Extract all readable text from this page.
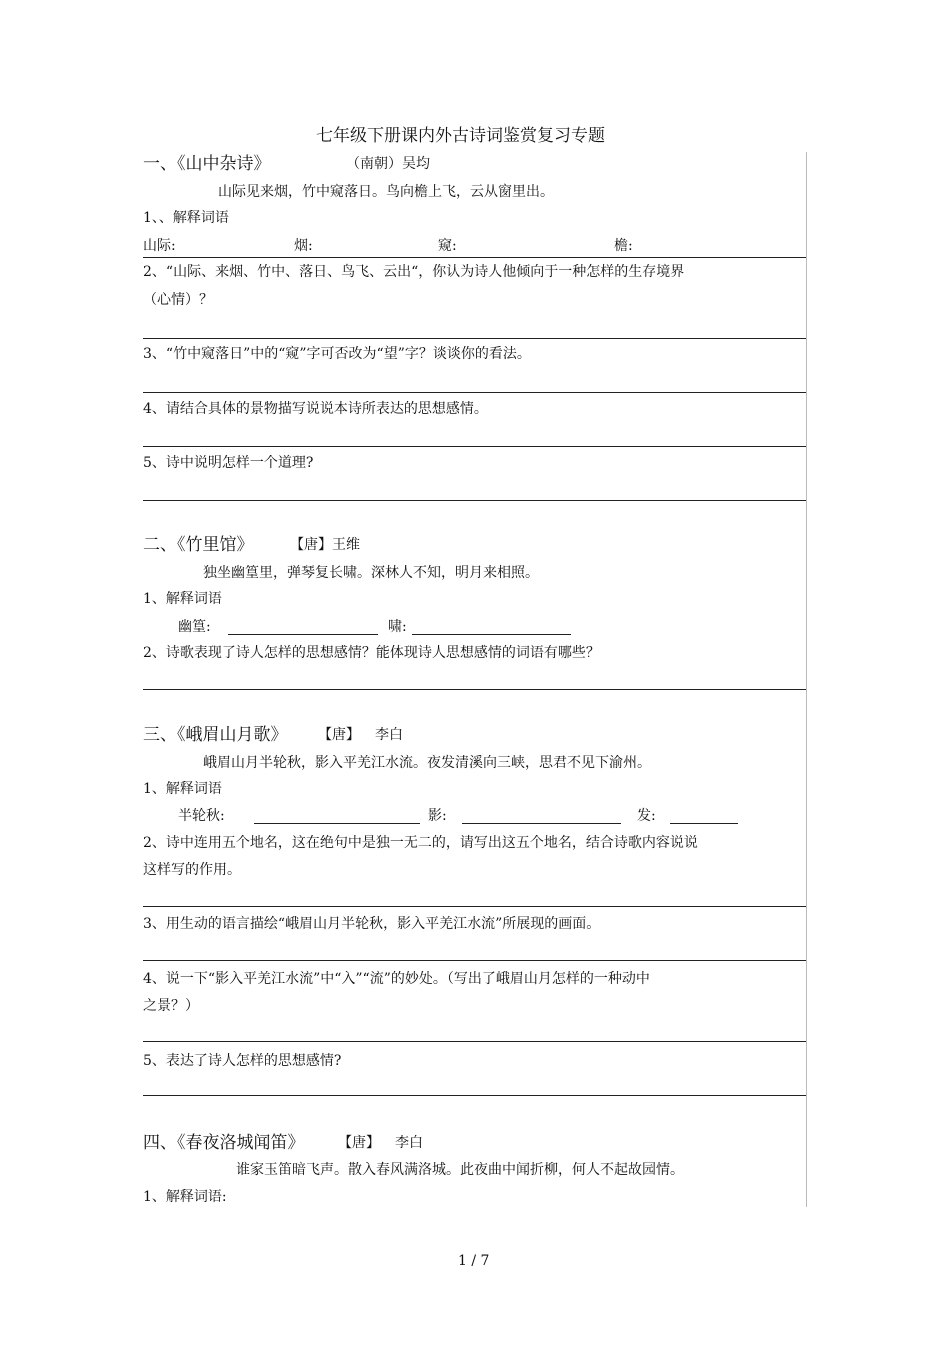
七年级下册课内外古诗词鉴赏复习专题
一、《山中杂诗》	（南朝）吴均
山际见来烟，竹中窥落日。鸟向檐上飞，云从窗里出。
1、、解释词语
山际:	烟:	窥:	檐:
2、“山际、来烟、竹中、落日、鸟飞、云出“，你认为诗人他倾向于一种怎样的生存境界
（心情）？
3、“竹中窥落日”中的“窥”字可否改为“望”字？谈谈你的看法。
4、请结合具体的景物描写说说本诗所表达的思想感情。
5、诗中说明怎样一个道理?
二、《竹里馆》	【唐】王维
独坐幽篁里，弹琴复长啸。深林人不知，明月来相照。
1、解释词语
幽篁:	啸:
2、诗歌表现了诗人怎样的思想感情？能体现诗人思想感情的词语有哪些？
三、《峨眉山月歌》 【唐】 李白
峨眉山月半轮秋，影入平羌江水流。夜发清溪向三峡，思君不见下渝州。
1、解释词语
半轮秋:	影:	发:
2、诗中连用五个地名，这在绝句中是独一无二的，请写出这五个地名，结合诗歌内容说说
这样写的作用。
3、用生动的语言描绘“峨眉山月半轮秋，影入平羌江水流”所展现的画面。
4、说一下“影入平羌江水流”中“入”“流”的妙处。（写出了峨眉山月怎样的一种动中
之景？）
5、表达了诗人怎样的思想感情?
四、《春夜洛城闻笛》 【唐】 李白
谁家玉笛暗飞声。散入春风满洛城。此夜曲中闻折柳，何人不起故园情。
1、解释词语:
1 / 7
